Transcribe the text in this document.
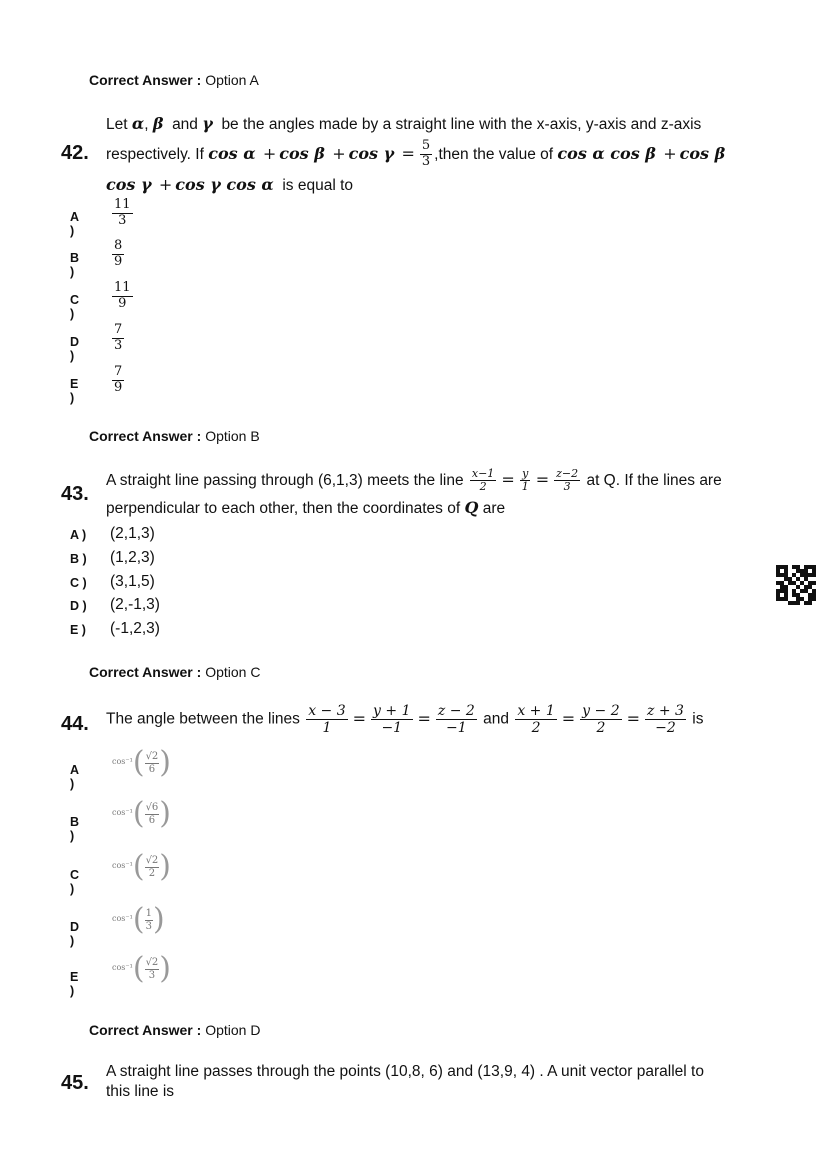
Correct Answer : Option A
42.
Let α, β and γ be the angles made by a straight line with the x-axis, y-axis and z-axis
respectively. If $\cos \alpha + \cos \beta + \cos \gamma = \frac{5}{3}$ ,then the value of cos α cos β + cos β
cos γ + cos γ cos α is equal to
A )
$\frac{11}{3}$
B )
$\frac{8}{9}$
C )
$\frac{11}{9}$
D )
$\frac{7}{3}$
E )
$\frac{7}{9}$
Correct Answer : Option B
43.
A straight line passing through (6,1,3) meets the line $\frac{x-1}{2} = \frac{y}{1} = \frac{z-2}{3}$ at Q. If the lines are
perpendicular to each other, then the coordinates of Q are
A ) (2,1,3)
B ) (1,2,3)
C ) (3,1,5)
D ) (2,-1,3)
E ) (-1,2,3)
Correct Answer : Option C
44. The angle between the lines $\frac{x - 3}{1} = \frac{y + 1}{-1} = \frac{z - 2}{-1}$ and $\frac{x + 1}{2} = \frac{y - 2}{2} = \frac{z + 3}{-2}$ is
A )
cos⁻¹ ( √2
6 )
B )
cos⁻¹ ( √6
6 )
C )
cos⁻¹ ( √2
2 )
D )
cos⁻¹ ( 1
3 )
E )
cos⁻¹ ( √2
3 )
Correct Answer : Option D
45.
A straight line passes through the points (10,8, 6) and (13,9, 4) . A unit vector parallel to
this line is
